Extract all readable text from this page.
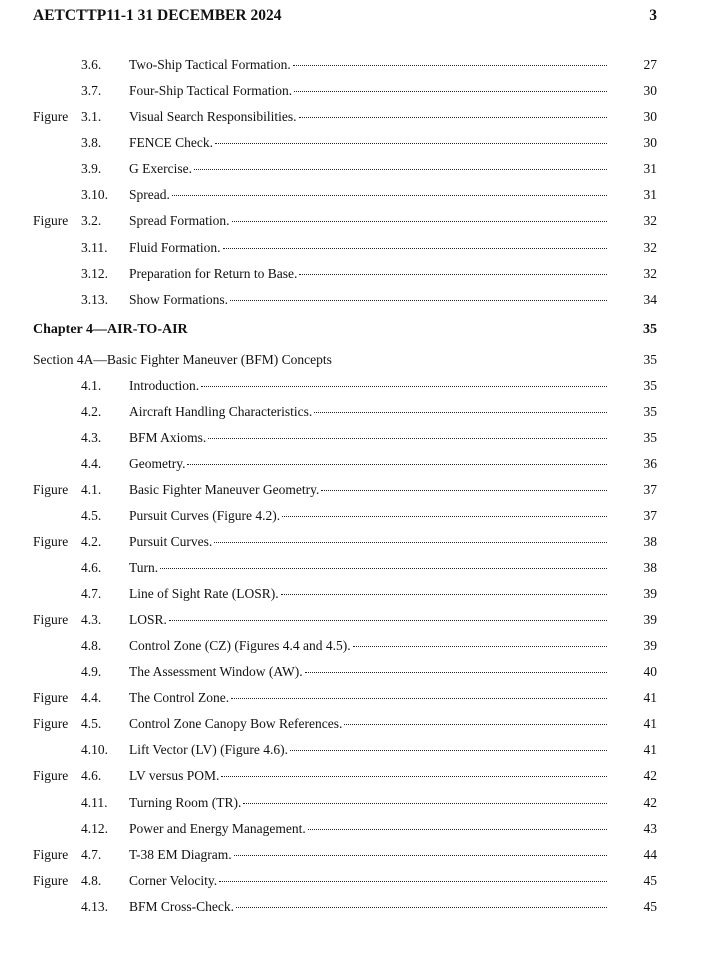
AETCTTP11-1 31 DECEMBER 2024	3
3.6. Two-Ship Tactical Formation.	27
3.7. Four-Ship Tactical Formation.	30
Figure 3.1. Visual Search Responsibilities.	30
3.8. FENCE Check.	30
3.9. G Exercise.	31
3.10. Spread.	31
Figure 3.2. Spread Formation.	32
3.11. Fluid Formation.	32
3.12. Preparation for Return to Base.	32
3.13. Show Formations.	34
Chapter 4—AIR-TO-AIR	35
Section 4A—Basic Fighter Maneuver (BFM) Concepts	35
4.1. Introduction.	35
4.2. Aircraft Handling Characteristics.	35
4.3. BFM Axioms.	35
4.4. Geometry.	36
Figure 4.1. Basic Fighter Maneuver Geometry.	37
4.5. Pursuit Curves (Figure 4.2).	37
Figure 4.2. Pursuit Curves.	38
4.6. Turn.	38
4.7. Line of Sight Rate (LOSR).	39
Figure 4.3. LOSR.	39
4.8. Control Zone (CZ) (Figures 4.4 and 4.5).	39
4.9. The Assessment Window (AW).	40
Figure 4.4. The Control Zone.	41
Figure 4.5. Control Zone Canopy Bow References.	41
4.10. Lift Vector (LV) (Figure 4.6).	41
Figure 4.6. LV versus POM.	42
4.11. Turning Room (TR).	42
4.12. Power and Energy Management.	43
Figure 4.7. T-38 EM Diagram.	44
Figure 4.8. Corner Velocity.	45
4.13. BFM Cross-Check.	45
